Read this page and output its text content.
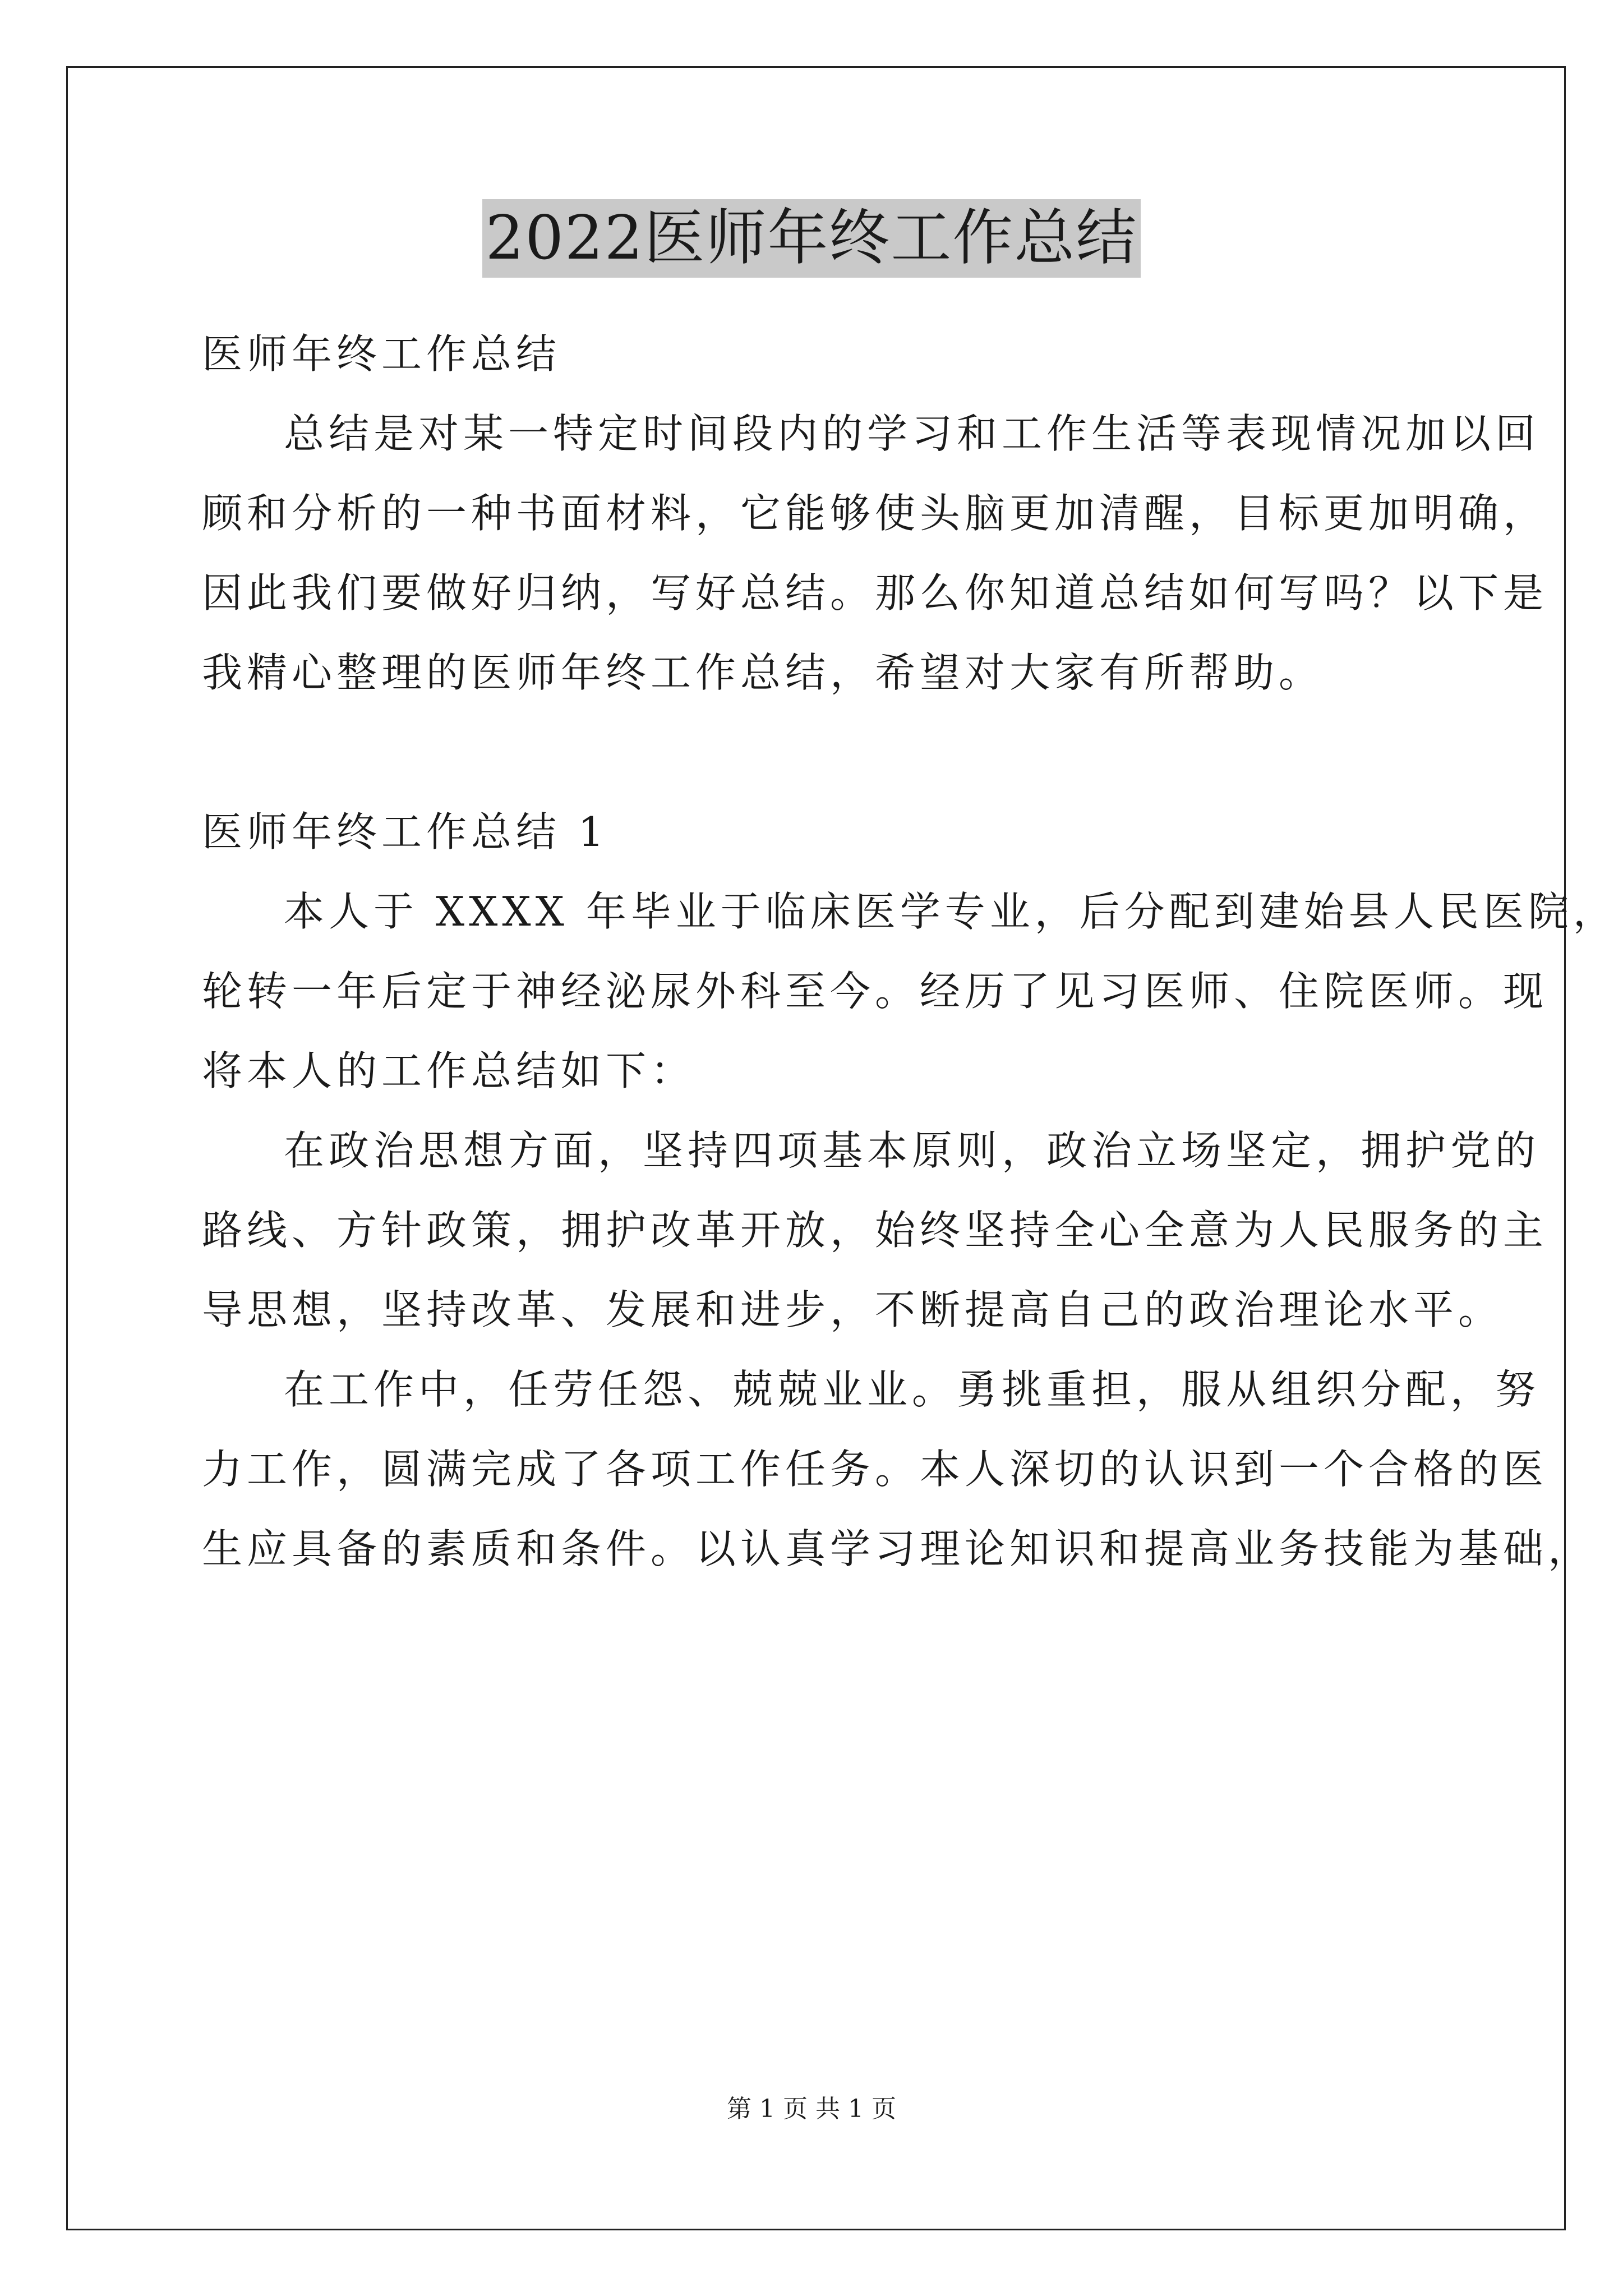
2022医师年终工作总结
医师年终工作总结
总结是对某一特定时间段内的学习和工作生活等表现情况加以回
顾和分析的一种书面材料，它能够使头脑更加清醒，目标更加明确，
因此我们要做好归纳，写好总结。那么你知道总结如何写吗？以下是
我精心整理的医师年终工作总结，希望对大家有所帮助。
医师年终工作总结 1
本人于 XXXX 年毕业于临床医学专业，后分配到建始县人民医院，
轮转一年后定于神经泌尿外科至今。经历了见习医师、住院医师。现
将本人的工作总结如下：
在政治思想方面，坚持四项基本原则，政治立场坚定，拥护党的
路线、方针政策，拥护改革开放，始终坚持全心全意为人民服务的主
导思想，坚持改革、发展和进步，不断提高自己的政治理论水平。
在工作中，任劳任怨、兢兢业业。勇挑重担，服从组织分配，努
力工作，圆满完成了各项工作任务。本人深切的认识到一个合格的医
生应具备的素质和条件。以认真学习理论知识和提高业务技能为基础，
第 1 页 共 1 页
